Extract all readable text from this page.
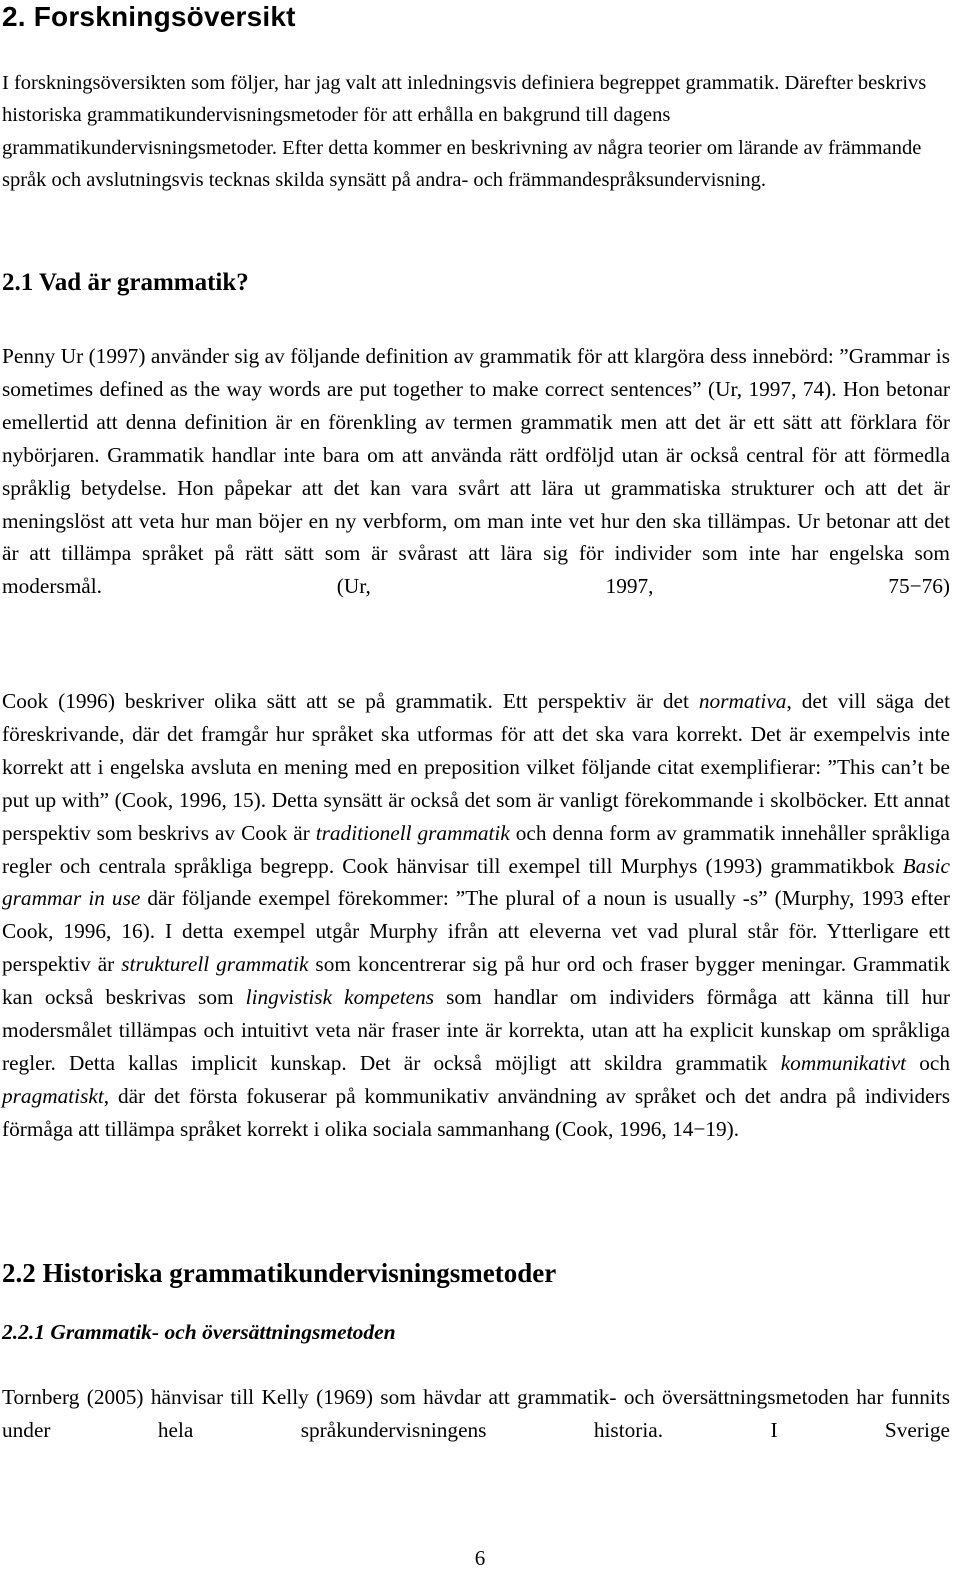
2. Forskningsöversikt

I forskningsöversikten som följer, har jag valt att inledningsvis definiera begreppet grammatik. Därefter beskrivs historiska grammatikundervisningsmetoder för att erhålla en bakgrund till dagens grammatikundervisningsmetoder. Efter detta kommer en beskrivning av några teorier om lärande av främmande språk och avslutningsvis tecknas skilda synsätt på andra- och främmandespråksundervisning.

2.1 Vad är grammatik?

Penny Ur (1997) använder sig av följande definition av grammatik för att klargöra dess innebörd: ”Grammar is sometimes defined as the way words are put together to make correct sentences” (Ur, 1997, 74). Hon betonar emellertid att denna definition är en förenkling av termen grammatik men att det är ett sätt att förklara för nybörjaren. Grammatik handlar inte bara om att använda rätt ordföljd utan är också central för att förmedla språklig betydelse. Hon påpekar att det kan vara svårt att lära ut grammatiska strukturer och att det är meningslöst att veta hur man böjer en ny verbform, om man inte vet hur den ska tillämpas. Ur betonar att det är att tillämpa språket på rätt sätt som är svårast att lära sig för individer som inte har engelska som modersmål. (Ur, 1997, 75−76)

Cook (1996) beskriver olika sätt att se på grammatik. Ett perspektiv är det normativa, det vill säga det föreskrivande, där det framgår hur språket ska utformas för att det ska vara korrekt. Det är exempelvis inte korrekt att i engelska avsluta en mening med en preposition vilket följande citat exemplifierar: ”This can’t be put up with” (Cook, 1996, 15). Detta synsätt är också det som är vanligt förekommande i skolböcker. Ett annat perspektiv som beskrivs av Cook är traditionell grammatik och denna form av grammatik innehåller språkliga regler och centrala språkliga begrepp. Cook hänvisar till exempel till Murphys (1993) grammatikbok Basic grammar in use där följande exempel förekommer: ”The plural of a noun is usually -s” (Murphy, 1993 efter Cook, 1996, 16). I detta exempel utgår Murphy ifrån att eleverna vet vad plural står för. Ytterligare ett perspektiv är strukturell grammatik som koncentrerar sig på hur ord och fraser bygger meningar. Grammatik kan också beskrivas som lingvistisk kompetens som handlar om individers förmåga att känna till hur modersmålet tillämpas och intuitivt veta när fraser inte är korrekta, utan att ha explicit kunskap om språkliga regler. Detta kallas implicit kunskap. Det är också möjligt att skildra grammatik kommunikativt och pragmatiskt, där det första fokuserar på kommunikativ användning av språket och det andra på individers förmåga att tillämpa språket korrekt i olika sociala sammanhang (Cook, 1996, 14−19).

2.2 Historiska grammatikundervisningsmetoder
2.2.1 Grammatik- och översättningsmetoden

Tornberg (2005) hänvisar till Kelly (1969) som hävdar att grammatik- och översättningsmetoden har funnits under hela språkundervisningens historia. I Sverige

6
